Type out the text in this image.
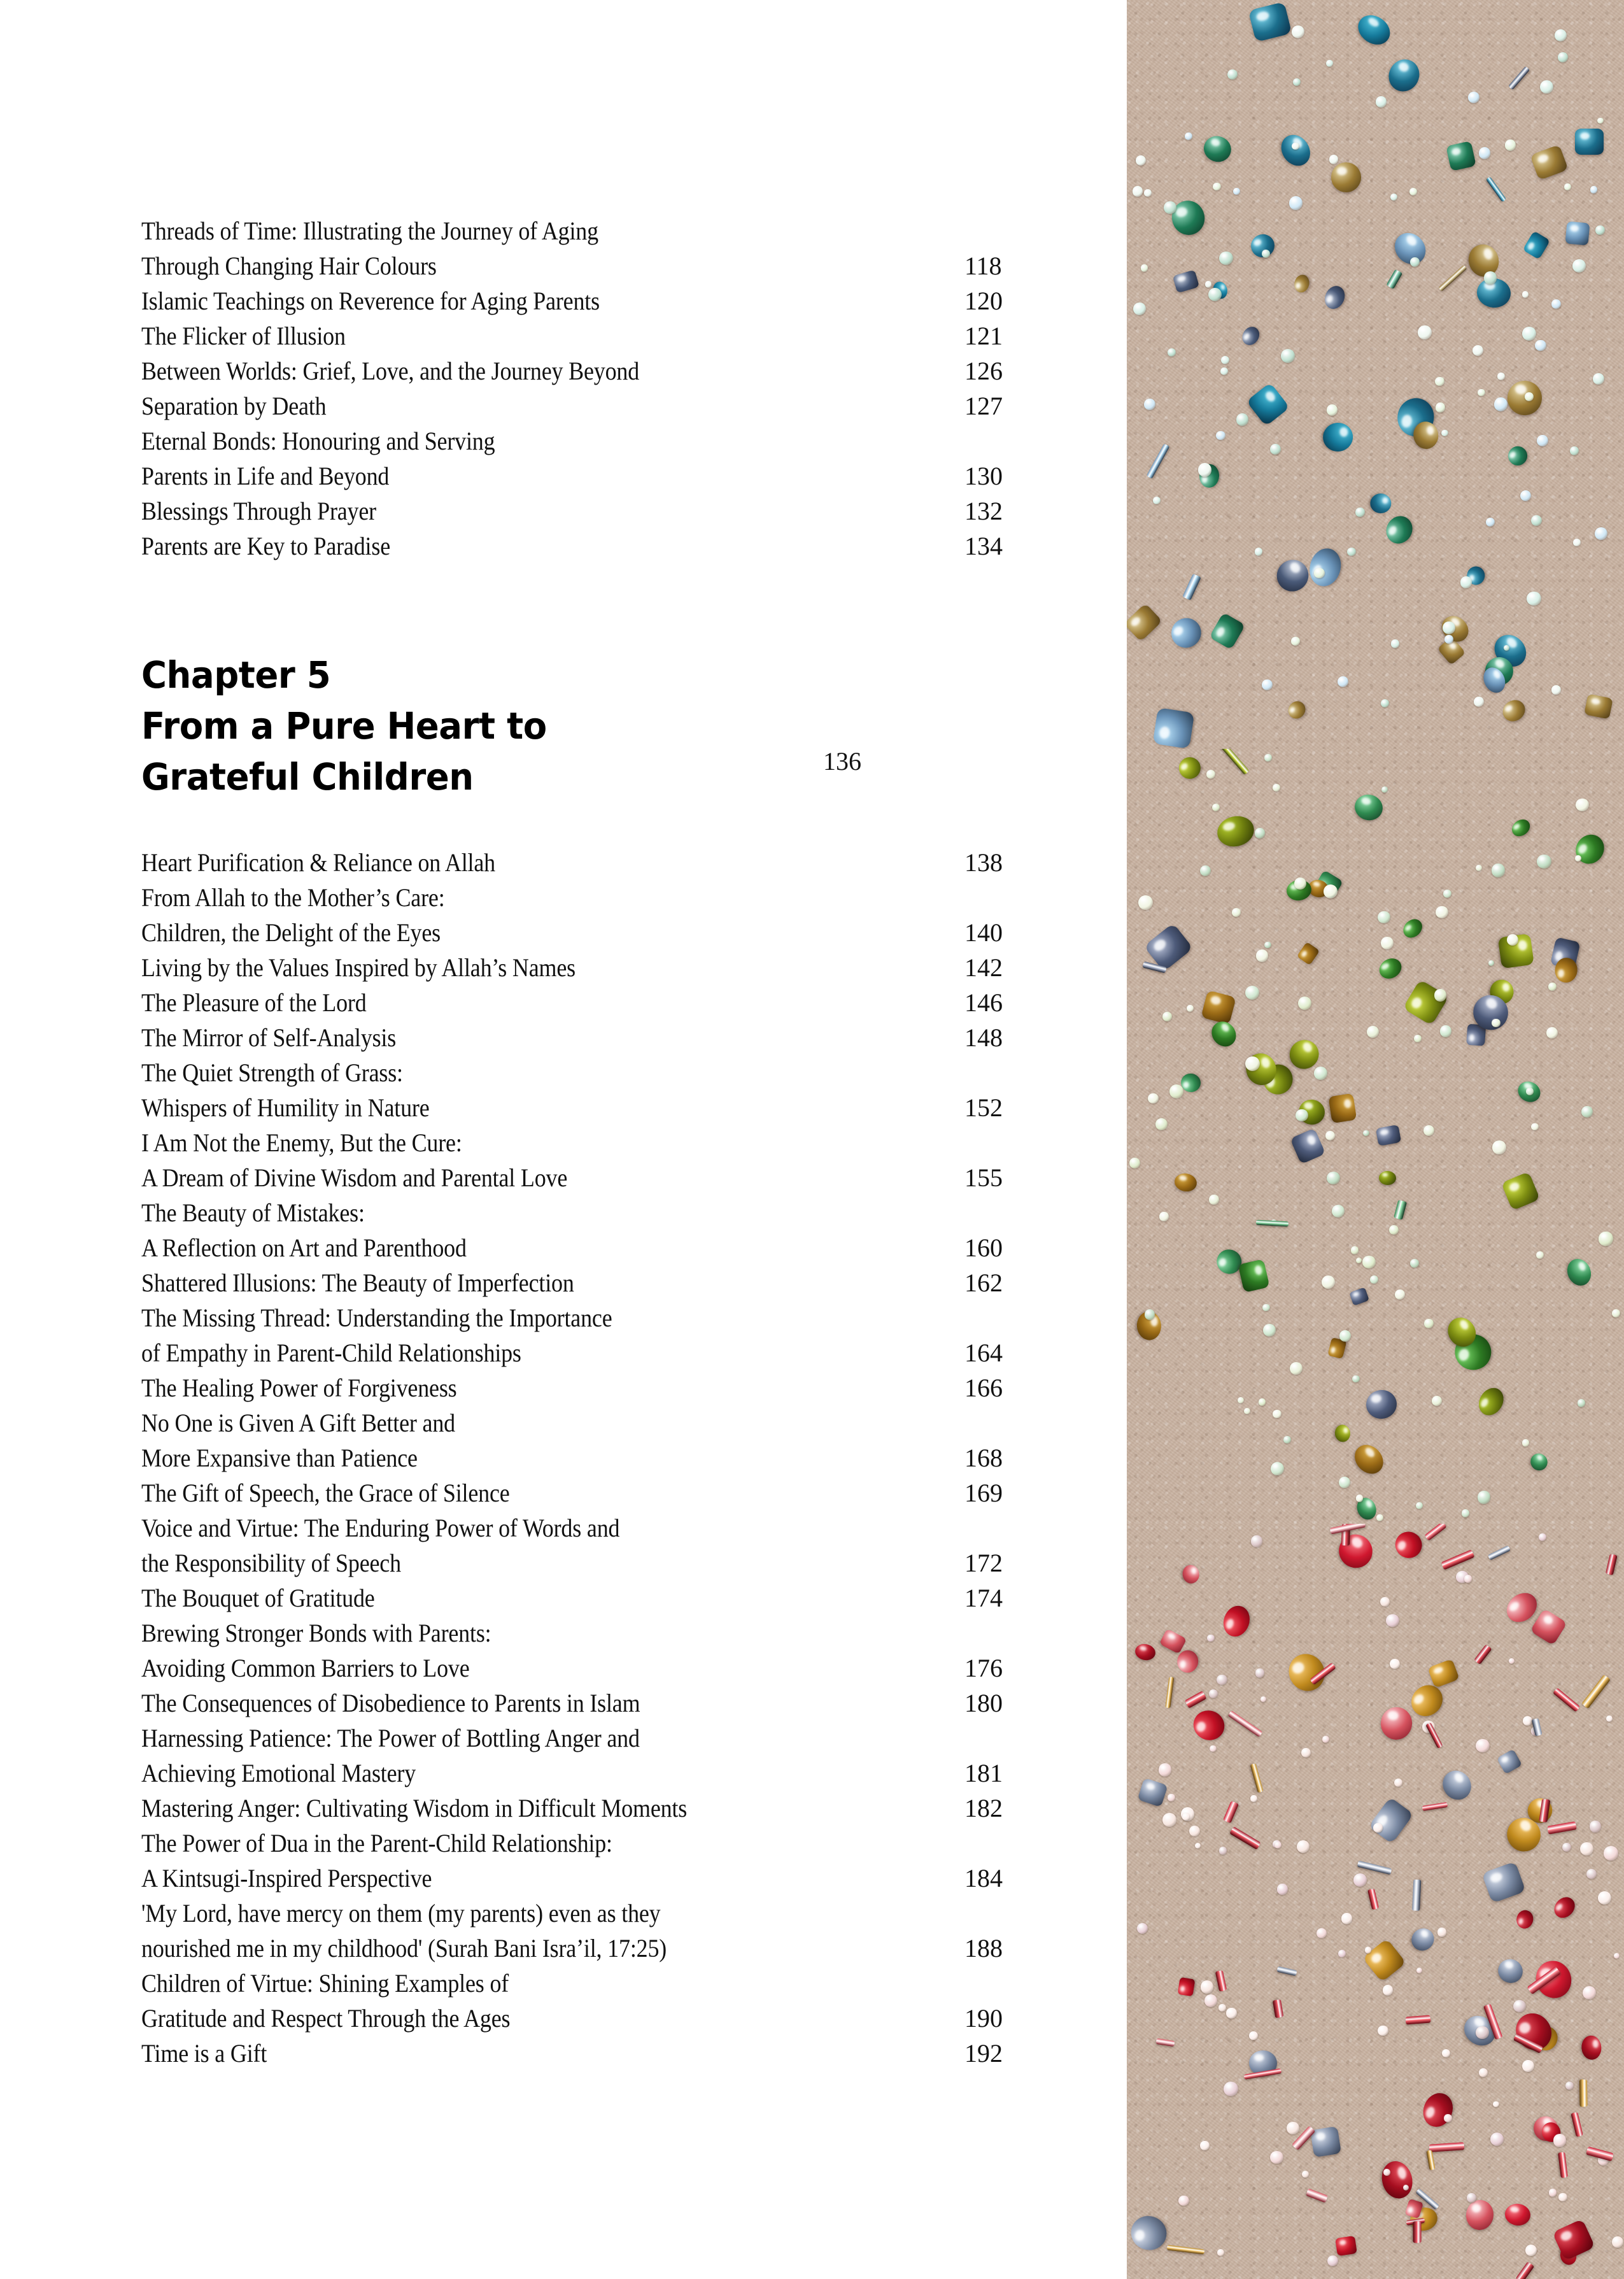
Threads of Time: Illustrating the Journey of Aging
Through Changing Hair Colours	118
Islamic Teachings on Reverence for Aging Parents	120
The Flicker of Illusion	121
Between Worlds: Grief, Love, and the Journey Beyond	126
Separation by Death	127
Eternal Bonds: Honouring and Serving
Parents in Life and Beyond	130
Blessings Through Prayer	132
Parents are Key to Paradise	134
Chapter 5
From a Pure Heart to
Grateful Children	136
Heart Purification & Reliance on Allah	138
From Allah to the Mother’s Care:
Children, the Delight of the Eyes	140
Living by the Values Inspired by Allah’s Names	142
The Pleasure of the Lord	146
The Mirror of Self-Analysis	148
The Quiet Strength of Grass:
Whispers of Humility in Nature	152
I Am Not the Enemy, But the Cure:
A Dream of Divine Wisdom and Parental Love	155
The Beauty of Mistakes:
A Reflection on Art and Parenthood	160
Shattered Illusions: The Beauty of Imperfection	162
The Missing Thread: Understanding the Importance
of Empathy in Parent-Child Relationships	164
The Healing Power of Forgiveness	166
No One is Given A Gift Better and
More Expansive than Patience	168
The Gift of Speech, the Grace of Silence	169
Voice and Virtue: The Enduring Power of Words and
the Responsibility of Speech	172
The Bouquet of Gratitude	174
Brewing Stronger Bonds with Parents:
Avoiding Common Barriers to Love	176
The Consequences of Disobedience to Parents in Islam	180
Harnessing Patience: The Power of Bottling Anger and
Achieving Emotional Mastery	181
Mastering Anger: Cultivating Wisdom in Difficult Moments	182
The Power of Dua in the Parent-Child Relationship:
A Kintsugi-Inspired Perspective	184
'My Lord, have mercy on them (my parents) even as they
nourished me in my childhood' (Surah Bani Isra’il, 17:25)	188
Children of Virtue: Shining Examples of
Gratitude and Respect Through the Ages	190
Time is a Gift	192
